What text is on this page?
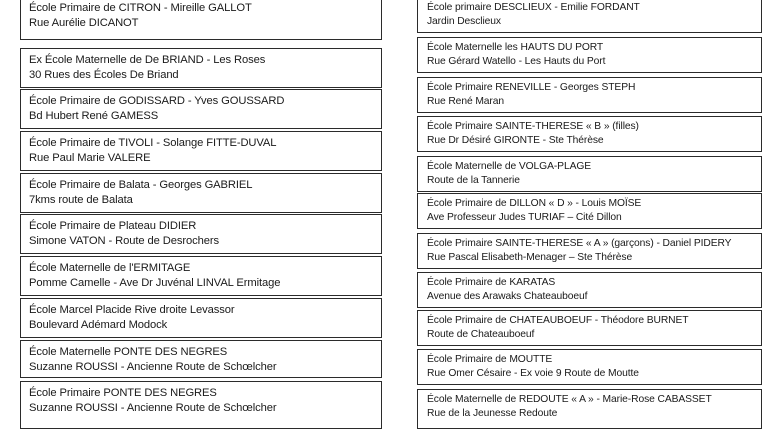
École Primaire de CITRON - Mireille GALLOT
Rue Aurélie DICANOT
Ex École Maternelle de De BRIAND - Les Roses
30 Rues des Écoles De Briand
École Primaire de GODISSARD - Yves GOUSSARD
Bd Hubert René GAMESS
École Primaire de TIVOLI - Solange FITTE-DUVAL
Rue Paul Marie VALERE
École Primaire de Balata - Georges GABRIEL
7kms route de Balata
École Primaire de Plateau DIDIER
Simone VATON - Route de Desrochers
École Maternelle de l'ERMITAGE
Pomme Camelle - Ave Dr Juvénal LINVAL Ermitage
École Marcel Placide Rive droite Levassor
Boulevard Adémard Modock
École Maternelle PONTE DES NEGRES
Suzanne ROUSSI - Ancienne Route de Schœlcher
École Primaire PONTE DES NEGRES
Suzanne ROUSSI - Ancienne Route de Schœlcher
École primaire DESCLIEUX - Emilie FORDANT
Jardin Desclieux
École Maternelle les HAUTS DU PORT
Rue Gérard Watello - Les Hauts du Port
École Primaire RENEVILLE - Georges STEPH
Rue René Maran
École Primaire SAINTE-THERESE « B » (filles)
Rue Dr Désiré GIRONTE - Ste Thérèse
École Maternelle de VOLGA-PLAGE
Route de la Tannerie
École Primaire de DILLON « D » - Louis MOÏSE
Ave Professeur Judes TURIAF – Cité Dillon
École Primaire SAINTE-THERESE « A » (garçons) - Daniel PIDERY
Rue Pascal Elisabeth-Menager – Ste Thérèse
École Primaire de KARATAS
Avenue des Arawaks Chateauboeuf
École Primaire de CHATEAUBOEUF - Théodore BURNET
Route de Chateauboeuf
École Primaire de MOUTTE
Rue Omer Césaire - Ex voie 9 Route de Moutte
École Maternelle de REDOUTE « A » - Marie-Rose CABASSET
Rue de la Jeunesse Redoute
